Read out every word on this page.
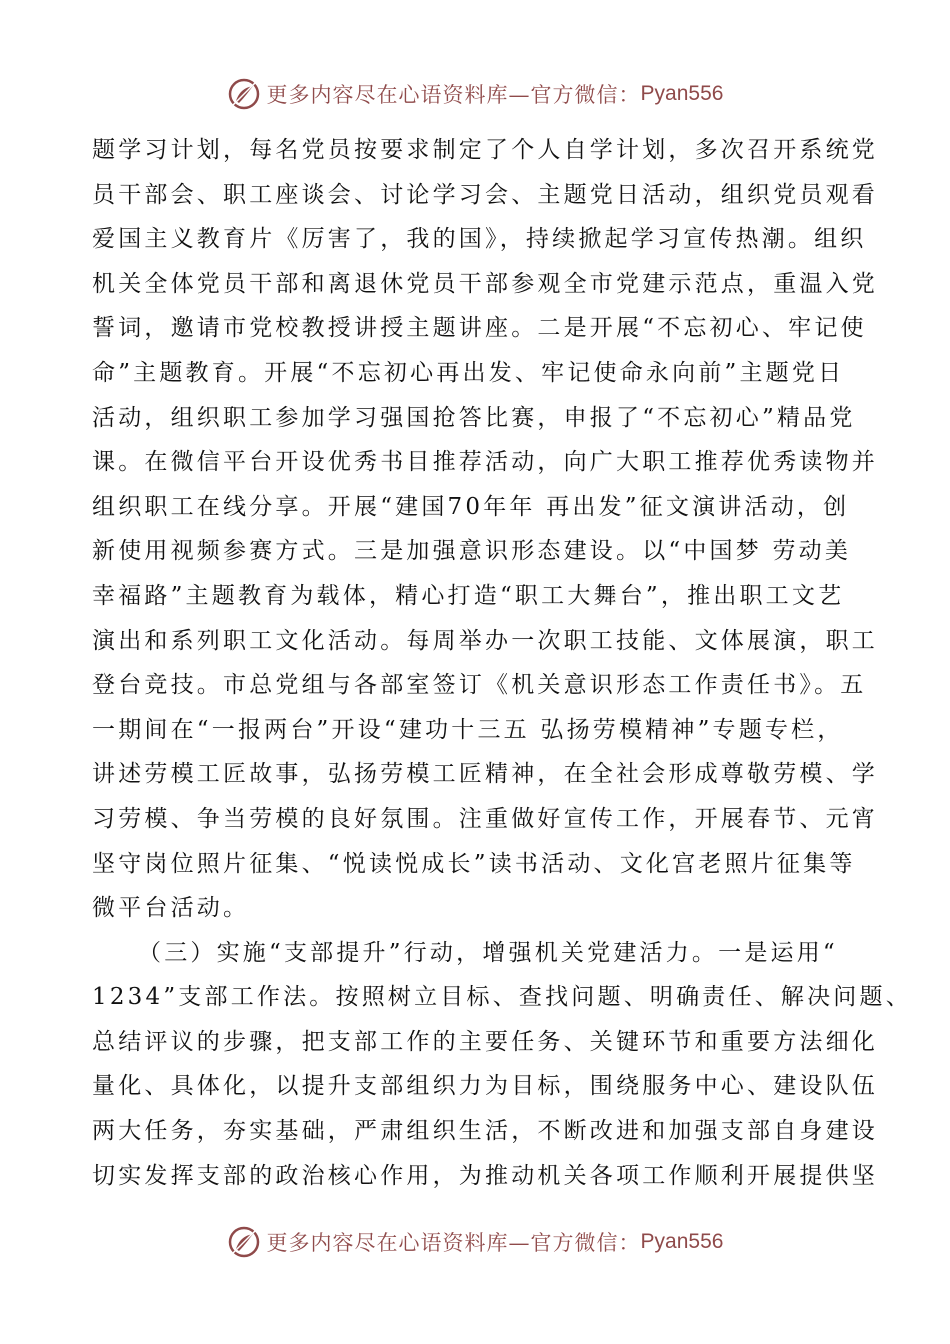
更多内容尽在心语资料库—官方微信： Pyan556
题学习计划，每名党员按要求制定了个人自学计划，多次召开系统党
员干部会、职工座谈会、讨论学习会、主题党日活动，组织党员观看
爱国主义教育片《厉害了，我的国》，持续掀起学习宣传热潮。组织
机关全体党员干部和离退休党员干部参观全市党建示范点，重温入党
誓词，邀请市党校教授讲授主题讲座。二是开展“不忘初心、牢记使
命”主题教育。开展“不忘初心再出发、牢记使命永向前”主题党日
活动，组织职工参加学习强国抢答比赛，申报了“不忘初心”精品党
课。在微信平台开设优秀书目推荐活动，向广大职工推荐优秀读物并
组织职工在线分享。开展“建国70年年 再出发”征文演讲活动，创
新使用视频参赛方式。三是加强意识形态建设。以“中国梦 劳动美
幸福路”主题教育为载体，精心打造“职工大舞台”，推出职工文艺
演出和系列职工文化活动。每周举办一次职工技能、文体展演，职工
登台竞技。市总党组与各部室签订《机关意识形态工作责任书》。五
一期间在“一报两台”开设“建功十三五 弘扬劳模精神”专题专栏，
讲述劳模工匠故事，弘扬劳模工匠精神，在全社会形成尊敬劳模、学
习劳模、争当劳模的良好氛围。注重做好宣传工作，开展春节、元宵
坚守岗位照片征集、“悦读悦成长”读书活动、文化宫老照片征集等
微平台活动。
（三）实施“支部提升”行动，增强机关党建活力。一是运用“
1234”支部工作法。按照树立目标、查找问题、明确责任、解决问题、
总结评议的步骤，把支部工作的主要任务、关键环节和重要方法细化
量化、具体化，以提升支部组织力为目标，围绕服务中心、建设队伍
两大任务，夯实基础，严肃组织生活，不断改进和加强支部自身建设
切实发挥支部的政治核心作用，为推动机关各项工作顺利开展提供坚
更多内容尽在心语资料库—官方微信： Pyan556
